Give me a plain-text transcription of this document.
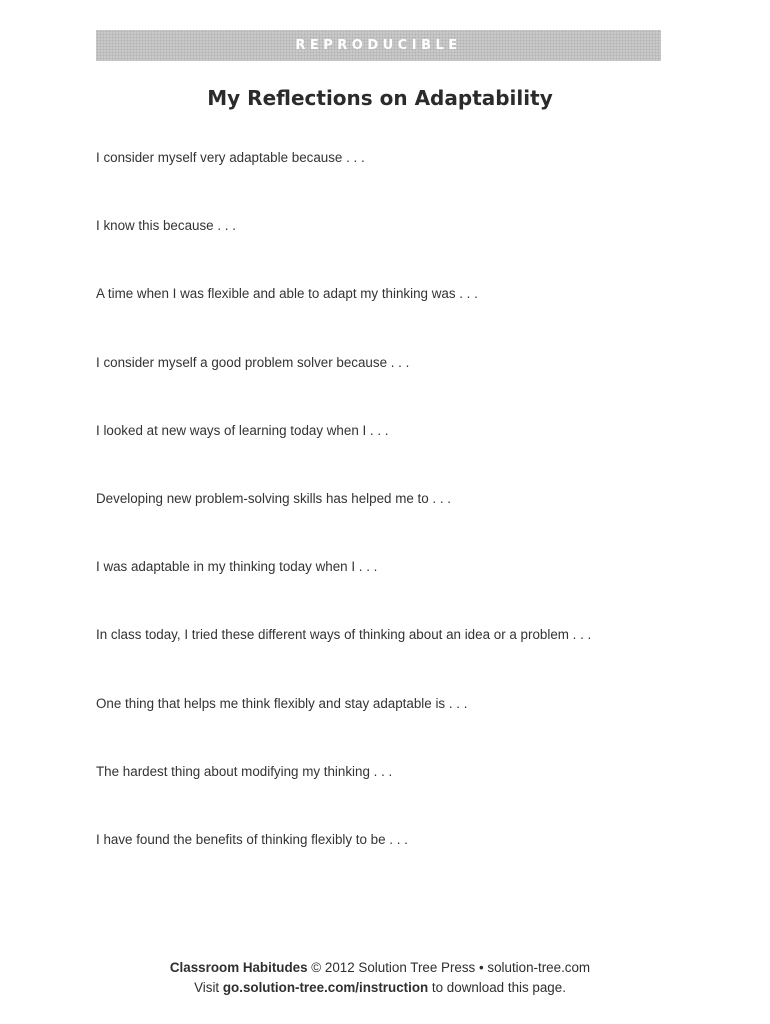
REPRODUCIBLE
My Reflections on Adaptability
I consider myself very adaptable because . . .
I know this because . . .
A time when I was flexible and able to adapt my thinking was . . .
I consider myself a good problem solver because . . .
I looked at new ways of learning today when I . . .
Developing new problem-solving skills has helped me to . . .
I was adaptable in my thinking today when I . . .
In class today, I tried these different ways of thinking about an idea or a problem . . .
One thing that helps me think flexibly and stay adaptable is . . .
The hardest thing about modifying my thinking . . .
I have found the benefits of thinking flexibly to be . . .
Classroom Habitudes © 2012 Solution Tree Press • solution-tree.com
Visit go.solution-tree.com/instruction to download this page.
